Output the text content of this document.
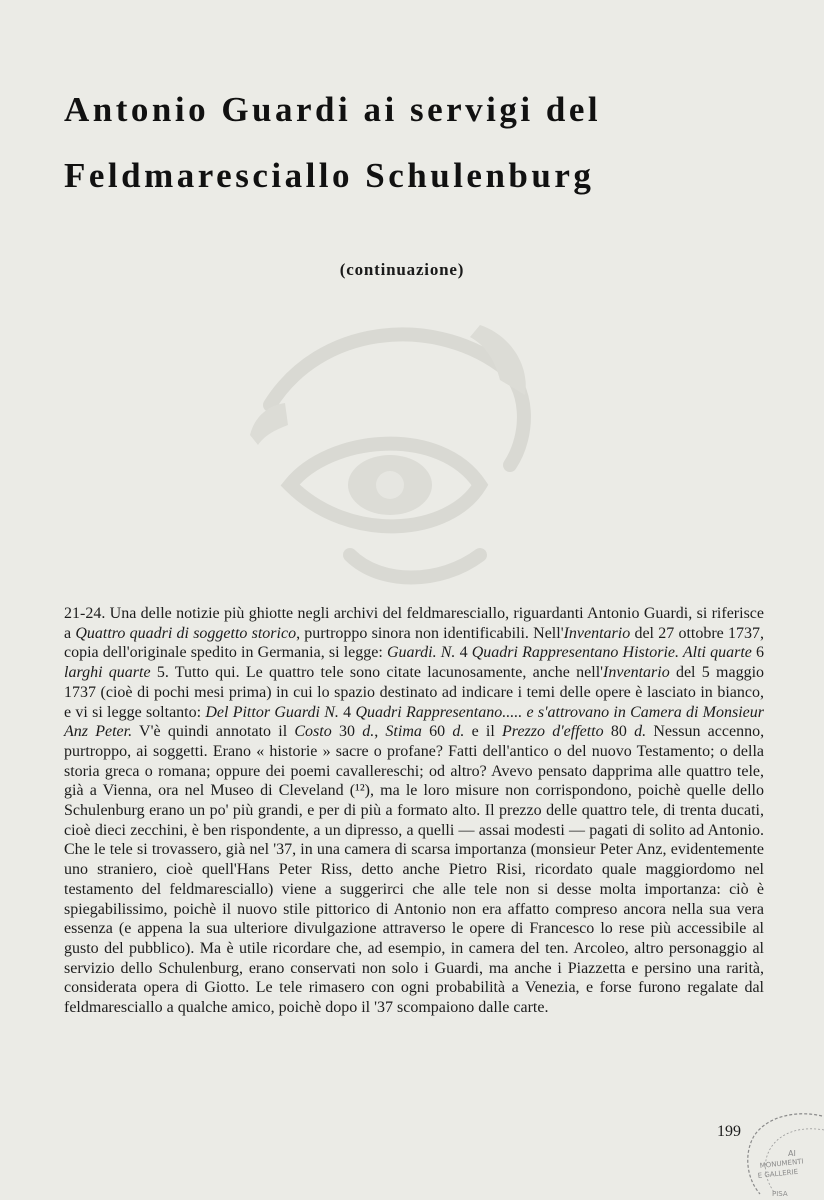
Antonio Guardi ai servigi del
Feldmaresciallo Schulenburg
(continuazione)
21-24. Una delle notizie più ghiotte negli archivi del feldmaresciallo, riguardanti Antonio Guardi, si riferisce a Quattro quadri di soggetto storico, purtroppo sinora non identificabili. Nell'Inventario del 27 ottobre 1737, copia dell'originale spedito in Germania, si legge: Guardi. N. 4 Quadri Rappresentano Historie. Alti quarte 6 larghi quarte 5. Tutto qui. Le quattro tele sono citate lacunosamente, anche nell'Inventario del 5 maggio 1737 (cioè di pochi mesi prima) in cui lo spazio destinato ad indicare i temi delle opere è lasciato in bianco, e vi si legge soltanto: Del Pittor Guardi N. 4 Quadri Rappresentano..... e s'attrovano in Camera di Monsieur Anz Peter. V'è quindi annotato il Costo 30 d., Stima 60 d. e il Prezzo d'effetto 80 d. Nessun accenno, purtroppo, ai soggetti. Erano « historie » sacre o profane? Fatti dell'antico o del nuovo Testamento; o della storia greca o romana; oppure dei poemi cavallereschi; od altro? Avevo pensato dapprima alle quattro tele, già a Vienna, ora nel Museo di Cleveland (¹²), ma le loro misure non corrispondono, poichè quelle dello Schulenburg erano un po' più grandi, e per di più a formato alto. Il prezzo delle quattro tele, di trenta ducati, cioè dieci zecchini, è ben rispondente, a un dipresso, a quelli — assai modesti — pagati di solito ad Antonio. Che le tele si trovassero, già nel '37, in una camera di scarsa importanza (monsieur Peter Anz, evidentemente uno straniero, cioè quell'Hans Peter Riss, detto anche Pietro Risi, ricordato quale maggiordomo nel testamento del feldmaresciallo) viene a suggerirci che alle tele non si desse molta importanza: ciò è spiegabilissimo, poichè il nuovo stile pittorico di Antonio non era affatto compreso ancora nella sua vera essenza (e appena la sua ulteriore divulgazione attraverso le opere di Francesco lo rese più accessibile al gusto del pubblico). Ma è utile ricordare che, ad esempio, in camera del ten. Arcoleo, altro personaggio al servizio dello Schulenburg, erano conservati non solo i Guardi, ma anche i Piazzetta e persino una rarità, considerata opera di Giotto. Le tele rimasero con ogni probabilità a Venezia, e forse furono regalate dal feldmaresciallo a qualche amico, poichè dopo il '37 scompaiono dalle carte.
199
AI
MONUMENTI
E GALLERIE
PISA
